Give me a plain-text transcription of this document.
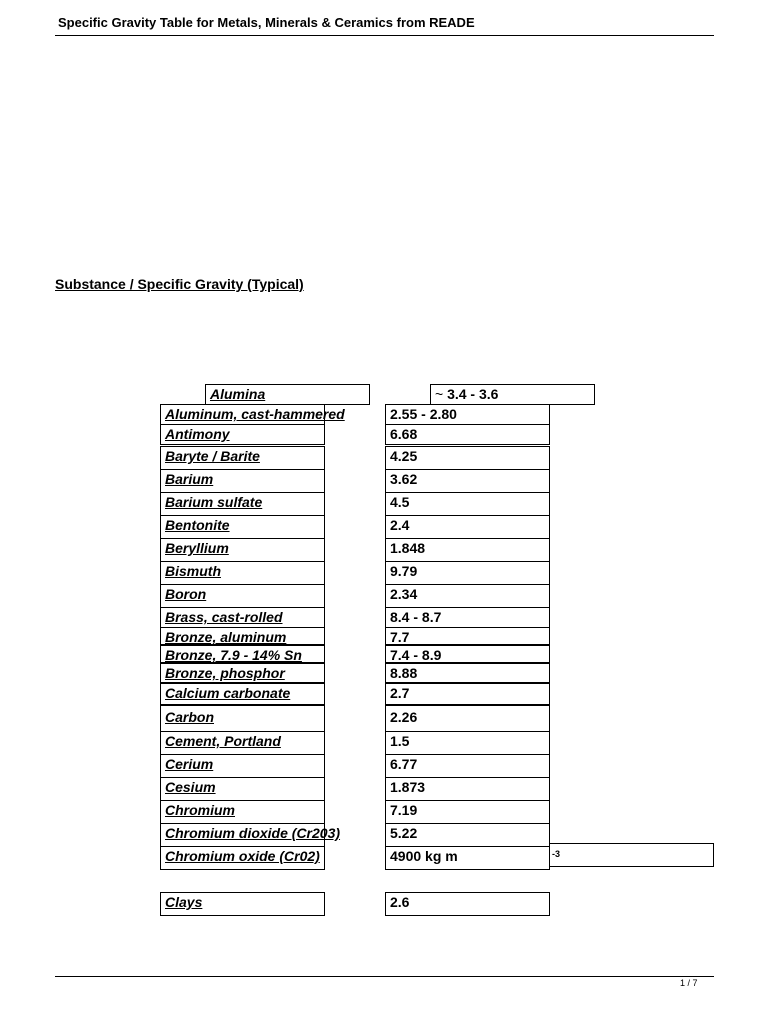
Specific Gravity Table for Metals, Minerals & Ceramics from READE
Substance / Specific Gravity (Typical)
Alumina	~ 3.4 - 3.6
Aluminum, cast-hammered	2.55 - 2.80
Antimony	6.68
Baryte / Barite	4.25
Barium	3.62
Barium sulfate	4.5
Bentonite	2.4
Beryllium	1.848
Bismuth	9.79
Boron	2.34
Brass, cast-rolled	8.4 - 8.7
Bronze, aluminum	7.7
Bronze, 7.9 - 14% Sn	7.4 - 8.9
Bronze, phosphor	8.88
Calcium carbonate	2.7
Carbon	2.26
Cement, Portland	1.5
Cerium	6.77
Cesium	1.873
Chromium	7.19
Chromium dioxide (Cr203)	5.22
Chromium oxide (Cr02)	4900 kg m	-3
Clays	2.6
1 / 7
